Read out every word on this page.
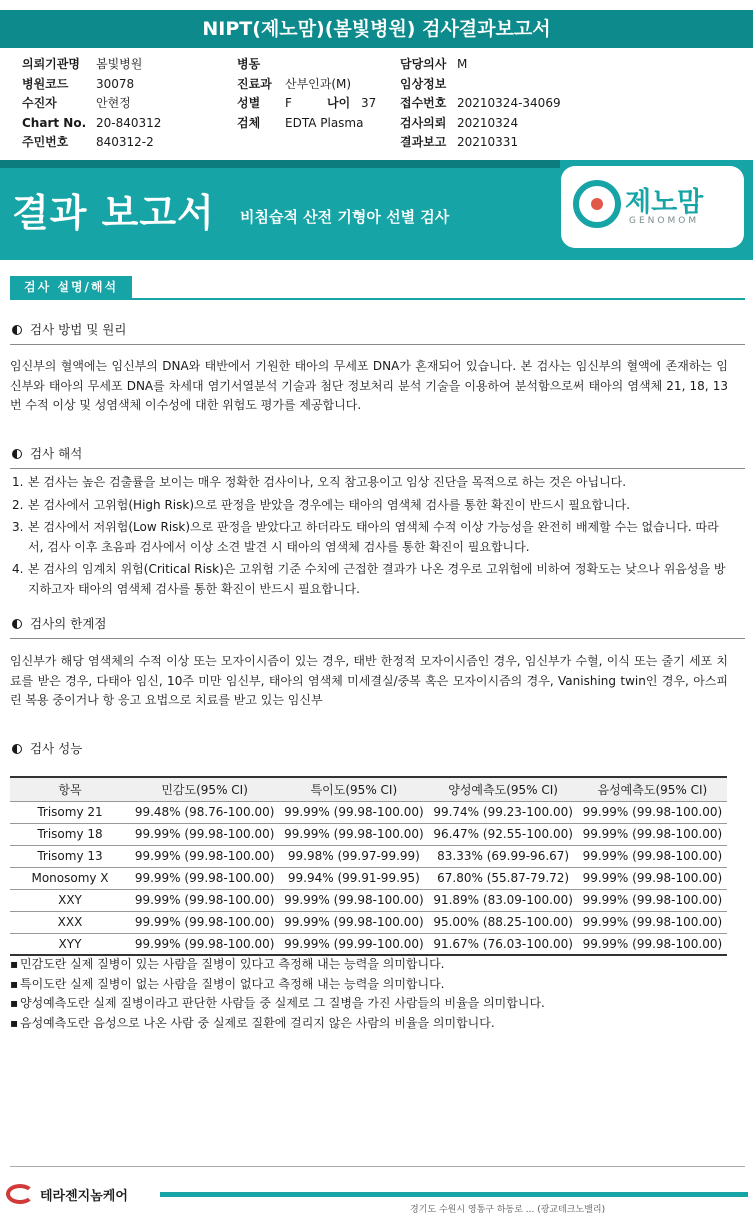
NIPT(제노맘)(봄빛병원) 검사결과보고서
의뢰기관명	봄빛병원
병원코드	30078
수진자	안현정
Chart No. 20-840312
주민번호	840312-2
병동
진료과	산부인과(M)
성별	F	나이 37
검체	EDTA Plasma
담당의사 M
임상정보
접수번호 20210324-34069
검사의뢰 20210324
결과보고 20210331
결과 보고서 비침습적 산전 기형아 선별 검사	제노맘
GENOMOM
검사 설명/해석
검사 방법 및 원리
임신부의 혈액에는 임신부의 DNA와 태반에서 기원한 태아의 무세포 DNA가 혼재되어 있습니다. 본 검사는 임신부의 혈액에 존재하는 임신부와 태아의 무세포 DNA를 차세대 염기서열분석 기술과 첨단 정보처리 분석 기술을 이용하여 분석함으로써 태아의 염색체 21, 18, 13번 수적 이상 및 성염색체 이수성에 대한 위험도 평가를 제공합니다.
검사 해석
1. 본 검사는 높은 검출률을 보이는 매우 정확한 검사이나, 오직 참고용이고 임상 진단을 목적으로 하는 것은 아닙니다.
2. 본 검사에서 고위험(High Risk)으로 판정을 받았을 경우에는 태아의 염색체 검사를 통한 확진이 반드시 필요합니다.
3. 본 검사에서 저위험(Low Risk)으로 판정을 받았다고 하더라도 태아의 염색체 수적 이상 가능성을 완전히 배제할 수는 없습니다. 따라서, 검사 이후 초음파 검사에서 이상 소견 발견 시 태아의 염색체 검사를 통한 확진이 필요합니다.
4. 본 검사의 임계치 위험(Critical Risk)은 고위험 기준 수치에 근접한 결과가 나온 경우로 고위험에 비하여 정확도는 낮으나 위음성을 방지하고자 태아의 염색체 검사를 통한 확진이 반드시 필요합니다.
검사의 한계점
임신부가 해당 염색체의 수적 이상 또는 모자이시즘이 있는 경우, 태반 한정적 모자이시즘인 경우, 임신부가 수혈, 이식 또는 줄기 세포 치료를 받은 경우, 다태아 임신, 10주 미만 임신부, 태아의 염색체 미세결실/중복 혹은 모자이시즘의 경우, Vanishing twin인 경우, 아스피린 복용 중이거나 항 응고 요법으로 치료를 받고 있는 임신부
검사 성능
항목	민감도(95% CI)	특이도(95% CI)	양성예측도(95% CI)	음성예측도(95% CI)
Trisomy 21	99.48% (98.76-100.00)	99.99% (99.98-100.00)	99.74% (99.23-100.00)	99.99% (99.98-100.00)
Trisomy 18	99.99% (99.98-100.00)	99.99% (99.98-100.00)	96.47% (92.55-100.00)	99.99% (99.98-100.00)
Trisomy 13	99.99% (99.98-100.00)	99.98% (99.97-99.99)	83.33% (69.99-96.67)	99.99% (99.98-100.00)
Monosomy X	99.99% (99.98-100.00)	99.94% (99.91-99.95)	67.80% (55.87-79.72)	99.99% (99.98-100.00)
XXY	99.99% (99.98-100.00)	99.99% (99.98-100.00)	91.89% (83.09-100.00)	99.99% (99.98-100.00)
XXX	99.99% (99.98-100.00)	99.99% (99.98-100.00)	95.00% (88.25-100.00)	99.99% (99.98-100.00)
XYY	99.99% (99.98-100.00)	99.99% (99.99-100.00)	91.67% (76.03-100.00)	99.99% (99.98-100.00)
▪ 민감도란 실제 질병이 있는 사람을 질병이 있다고 측정해 내는 능력을 의미합니다.
▪ 특이도란 실제 질병이 없는 사람을 질병이 없다고 측정해 내는 능력을 의미합니다.
▪ 양성예측도란 실제 질병이라고 판단한 사람들 중 실제로 그 질병을 가진 사람들의 비율을 의미합니다.
▪ 음성예측도란 음성으로 나온 사람 중 실제로 질환에 걸리지 않은 사람의 비율을 의미합니다.
테라젠지놈케어
경기도 수원시 영통구 하동로 ... (광교테크노밸리)
